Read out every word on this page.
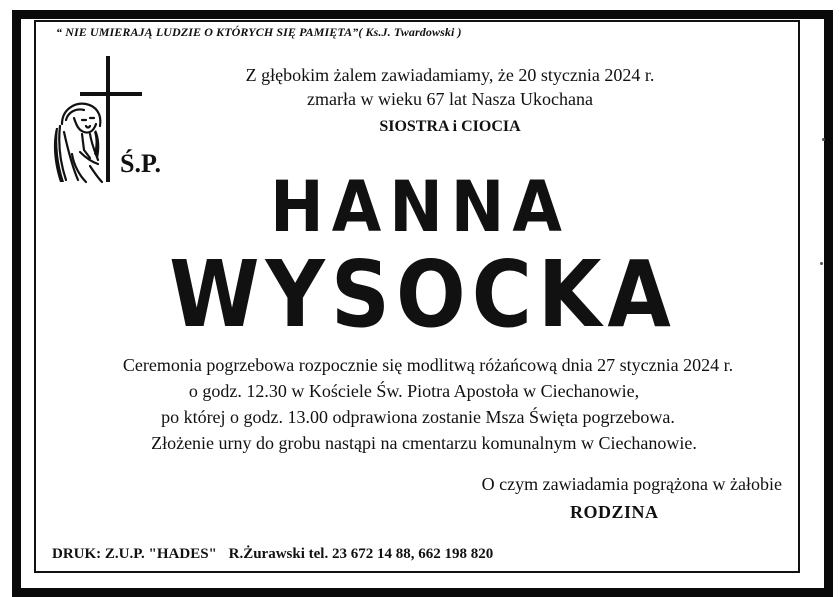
“ NIE UMIERAJĄ LUDZIE O KTÓRYCH SIĘ PAMIĘTA”( Ks.J. Twardowski )
Z głębokim żalem zawiadamiamy, że 20 stycznia 2024 r.
zmarła w wieku 67 lat Nasza Ukochana
SIOSTRA i CIOCIA
Ś.P.
HANNA
WYSOCKA
Ceremonia pogrzebowa rozpocznie się modlitwą różańcową dnia 27 stycznia 2024 r.
o godz. 12.30 w Kościele Św. Piotra Apostoła w Ciechanowie,
po której o godz. 13.00 odprawiona zostanie Msza Święta pogrzebowa.
Złożenie urny do grobu nastąpi na cmentarzu komunalnym w Ciechanowie.
O czym zawiadamia pogrążona w żałobie
RODZINA
DRUK: Z.U.P. "HADES" R.Żurawski tel. 23 672 14 88, 662 198 820
